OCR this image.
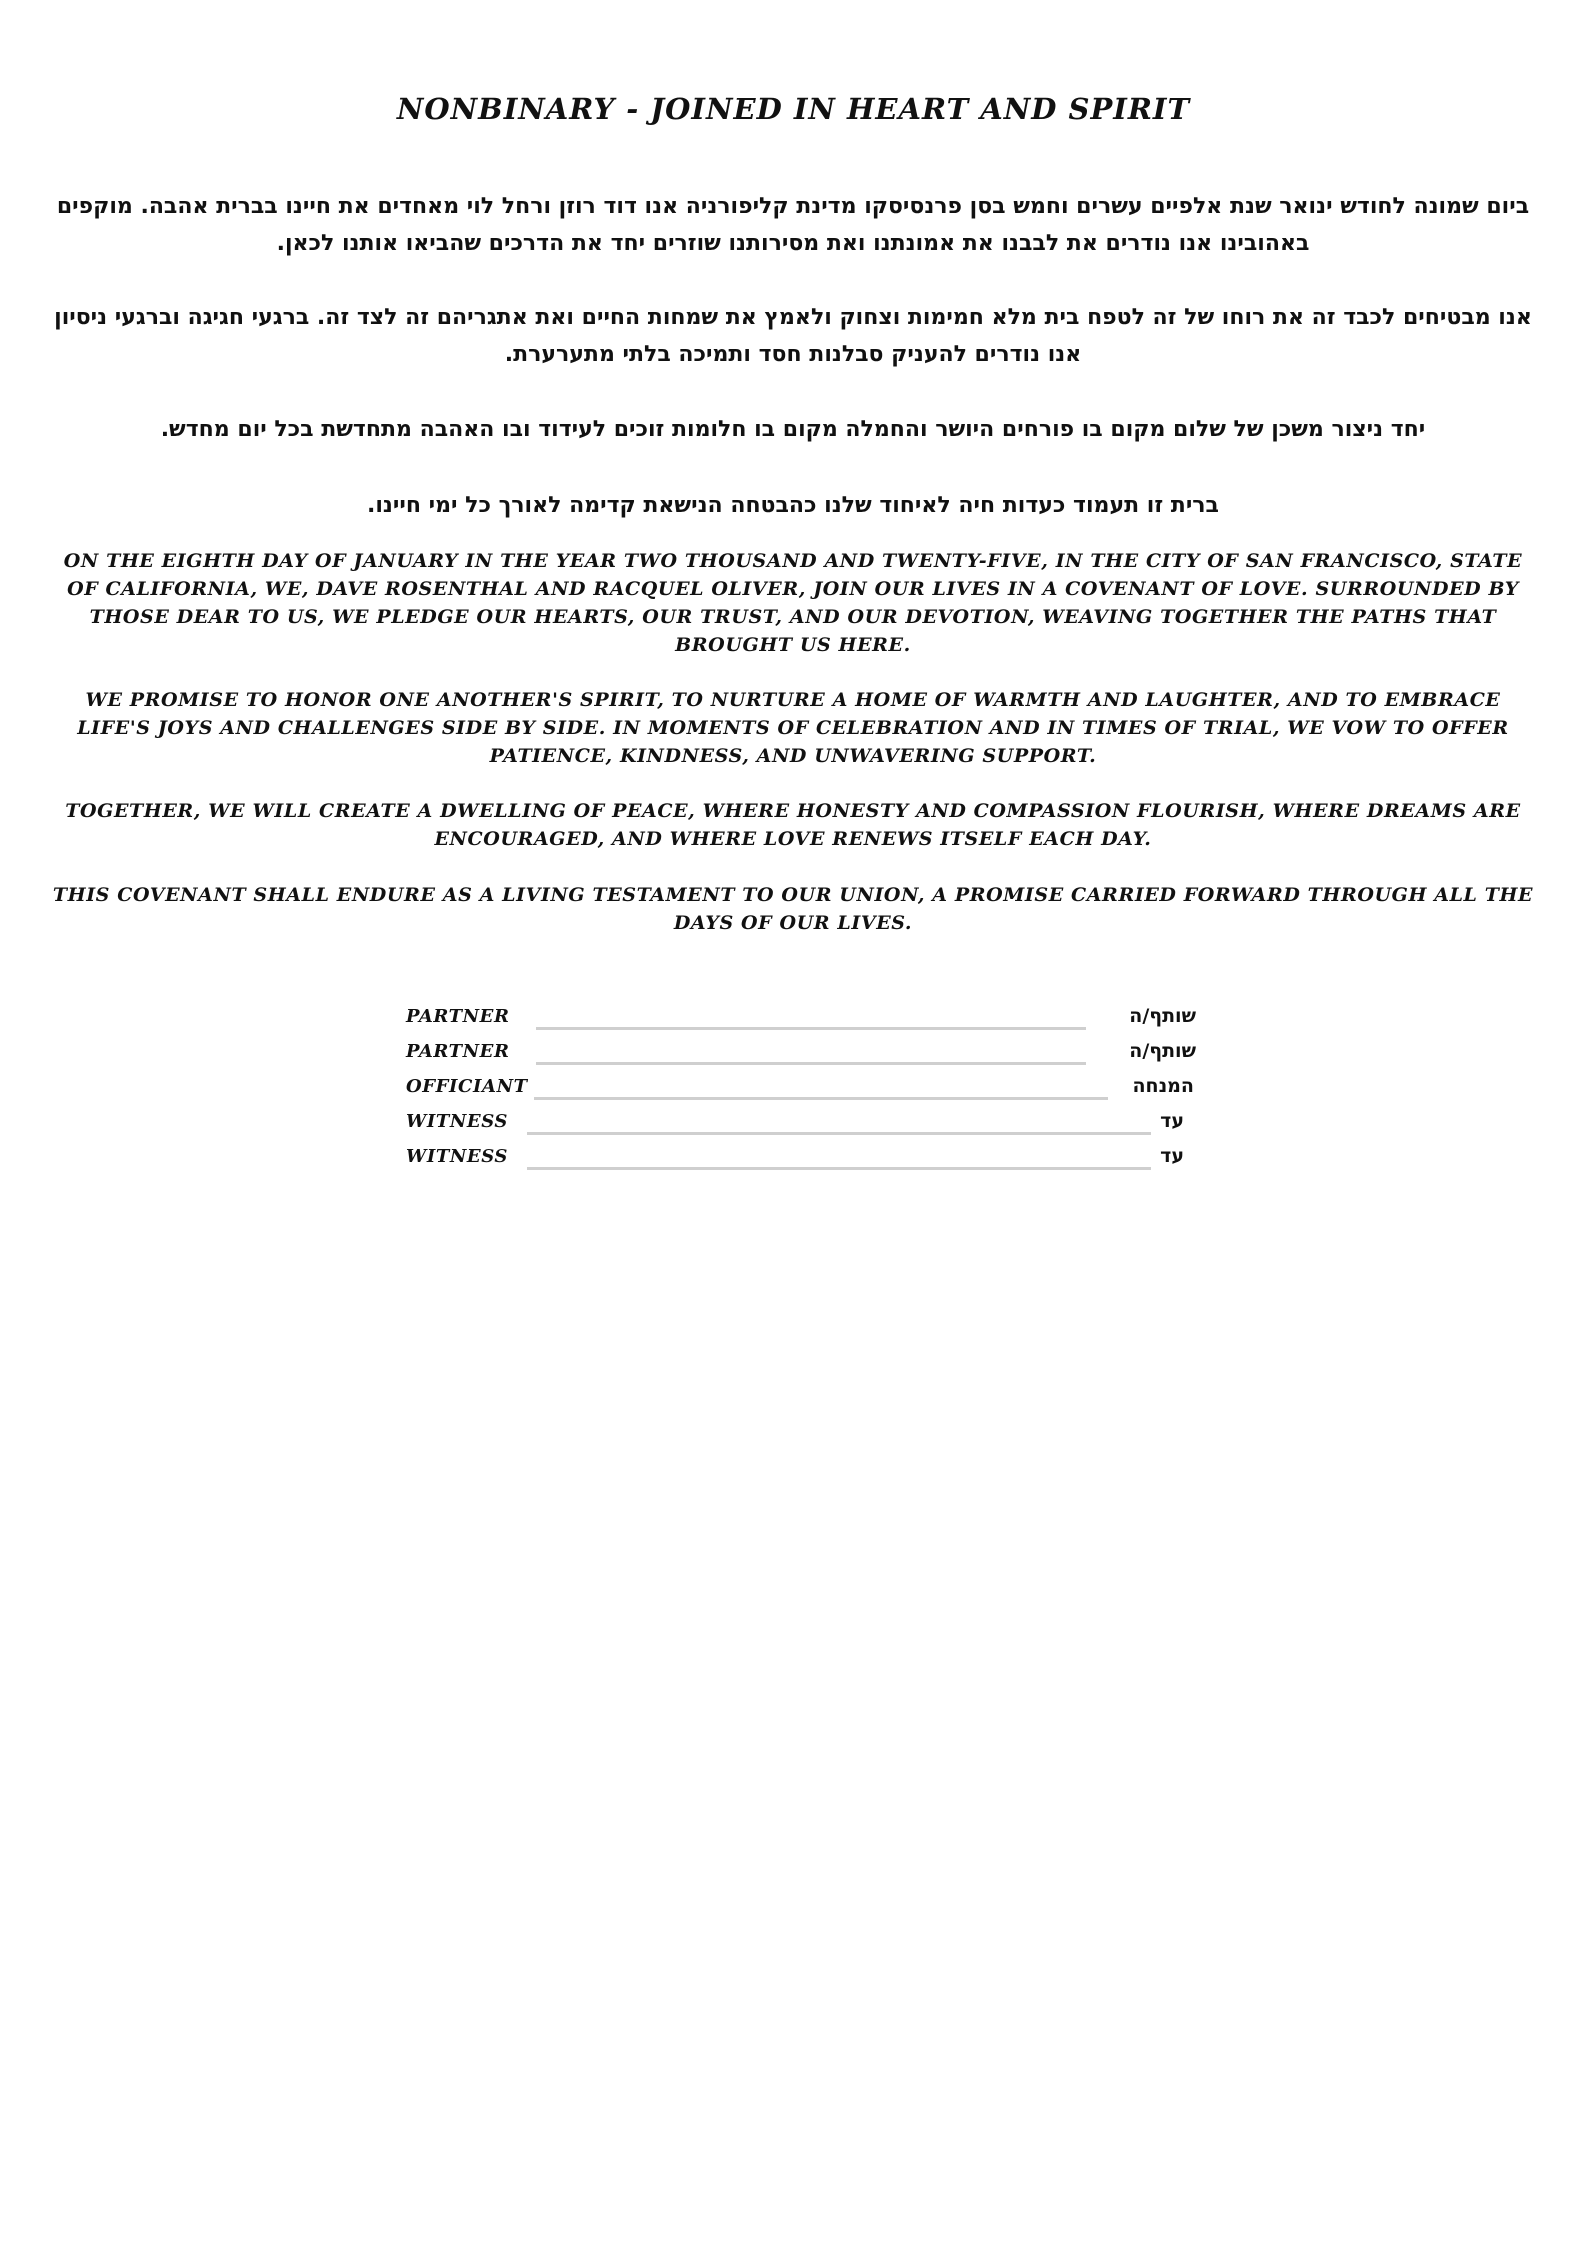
NONBINARY - JOINED IN HEART AND SPIRIT
ביום שמונה לחודש ינואר שנת אלפיים עשרים וחמש בסן פרנסיסקו מדינת קליפורניה אנו דוד רוזן ורחל לוי מאחדים את חיינו בברית אהבה. מוקפים באהובינו אנו נודרים את לבבנו את אמונתנו ואת מסירותנו שוזרים יחד את הדרכים שהביאו אותנו לכאן.
אנו מבטיחים לכבד זה את רוחו של זה לטפח בית מלא חמימות וצחוק ולאמץ את שמחות החיים ואת אתגריהם זה לצד זה. ברגעי חגיגה וברגעי ניסיון אנו נודרים להעניק סבלנות חסד ותמיכה בלתי מתערערת.
יחד ניצור משכן של שלום מקום בו פורחים היושר והחמלה מקום בו חלומות זוכים לעידוד ובו האהבה מתחדשת בכל יום מחדש.
ברית זו תעמוד כעדות חיה לאיחוד שלנו כהבטחה הנישאת קדימה לאורך כל ימי חיינו.
ON THE EIGHTH DAY OF JANUARY IN THE YEAR TWO THOUSAND AND TWENTY-FIVE, IN THE CITY OF SAN FRANCISCO, STATE OF CALIFORNIA, WE, DAVE ROSENTHAL AND RACQUEL OLIVER, JOIN OUR LIVES IN A COVENANT OF LOVE. SURROUNDED BY THOSE DEAR TO US, WE PLEDGE OUR HEARTS, OUR TRUST, AND OUR DEVOTION, WEAVING TOGETHER THE PATHS THAT BROUGHT US HERE.
WE PROMISE TO HONOR ONE ANOTHER'S SPIRIT, TO NURTURE A HOME OF WARMTH AND LAUGHTER, AND TO EMBRACE LIFE'S JOYS AND CHALLENGES SIDE BY SIDE. IN MOMENTS OF CELEBRATION AND IN TIMES OF TRIAL, WE VOW TO OFFER PATIENCE, KINDNESS, AND UNWAVERING SUPPORT.
TOGETHER, WE WILL CREATE A DWELLING OF PEACE, WHERE HONESTY AND COMPASSION FLOURISH, WHERE DREAMS ARE ENCOURAGED, AND WHERE LOVE RENEWS ITSELF EACH DAY.
THIS COVENANT SHALL ENDURE AS A LIVING TESTAMENT TO OUR UNION, A PROMISE CARRIED FORWARD THROUGH ALL THE DAYS OF OUR LIVES.
PARTNER	שותף/ה
PARTNER	שותף/ה
OFFICIANT	המנחה
WITNESS	עד
WITNESS	עד
